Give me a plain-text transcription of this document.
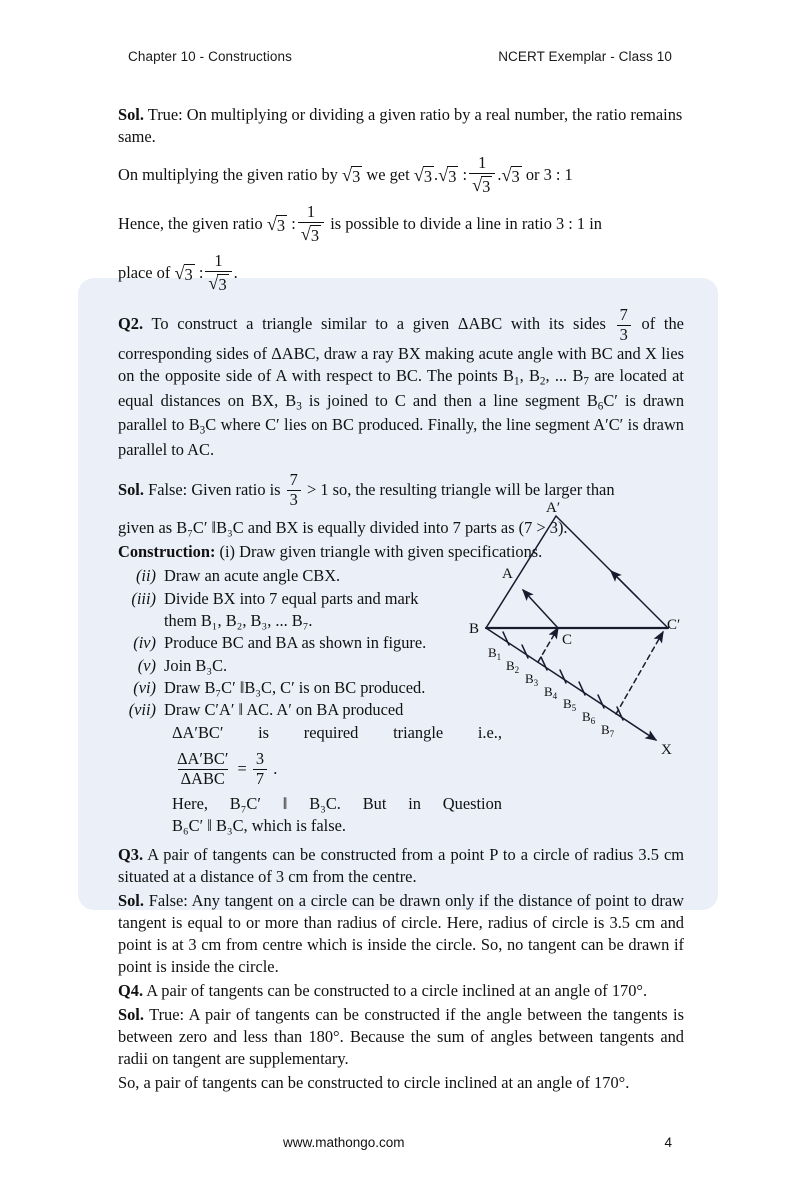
Chapter 10 - Constructions	NCERT Exemplar - Class 10

Sol. True: On multiplying or dividing a given ratio by a real number, the ratio remains same.

On multiplying the given ratio by
√ 3
we get
√ 3 . √ 3
: $\frac{1}{√ 3}$ . √ 3
or 3 : 1
Hence, the given ratio
√ 3
: $\frac{1}{√ 3}$
is possible to divide a line in ratio 3 : 1 in
place of
√ 3
: $\frac{1}{√ 3}$ .
Q2. To construct a triangle similar to a given ΔABC with its sides $\frac{7}{3}$ of the corresponding sides of ΔABC, draw a ray BX making acute angle with BC and X lies on the opposite side of A with respect to BC. The points $B_1$, $B_2$, ... $B_7$ are located at equal distances on BX, $B_3$ is joined to C and then a line segment $B_6C'$ is drawn parallel to $B_3C$ where C′ lies on BC produced. Finally, the line segment A′C′ is drawn parallel to AC.
Sol.
False: Given ratio is
$\frac{7}{3}$
> 1 so, the resulting triangle will be larger than

given as B₇C′ ‖B₃C and BX is equally divided into 7 parts as (7 > 3).

Construction: (i) Draw given triangle with given specifications.

(ii) Draw an acute angle CBX.
(iii) Divide BX into 7 equal parts and mark
them B₁, B₂, B₃, ... B₇.
(iv) Produce BC and BA as shown in figure.
(v) Join B₃C.
(vi) Draw B₇C′ ‖B₃C, C′ is on BC produced.
(vii) Draw C′A′ ‖ AC. A′ on BA produced
ΔA′BC′ is required triangle i.e.,
$\frac{\Delta A'BC'}{\text{ΔABC}}$
=
$\frac{3}{7}$
.
Here, B₇C′ ‖ B₃C. But in Question
B₆C′ ‖ B₃C, which is false.
Q3. A pair of tangents can be constructed from a point P to a circle of radius 3.5 cm situated at a distance of 3 cm from the centre.
Sol. False: Any tangent on a circle can be drawn only if the distance of point to draw tangent is equal to or more than radius of circle. Here, radius of circle is 3.5 cm and point is at 3 cm from centre which is inside the circle. So, no tangent can be drawn if point is inside the circle.
Q4. A pair of tangents can be constructed to a circle inclined at an angle of 170°.
Sol. True: A pair of tangents can be constructed if the angle between the tangents is between zero and less than 180°. Because the sum of angles between tangents and radii on tangent are supplementary.
So, a pair of tangents can be constructed to circle inclined at an angle of 170°.
A′
A
B
C
C′
X
$B_1$
$B_2$
$B_3$
$B_4$ $B_5$
$B_6$
$B_7$
www.mathongo.com	4
